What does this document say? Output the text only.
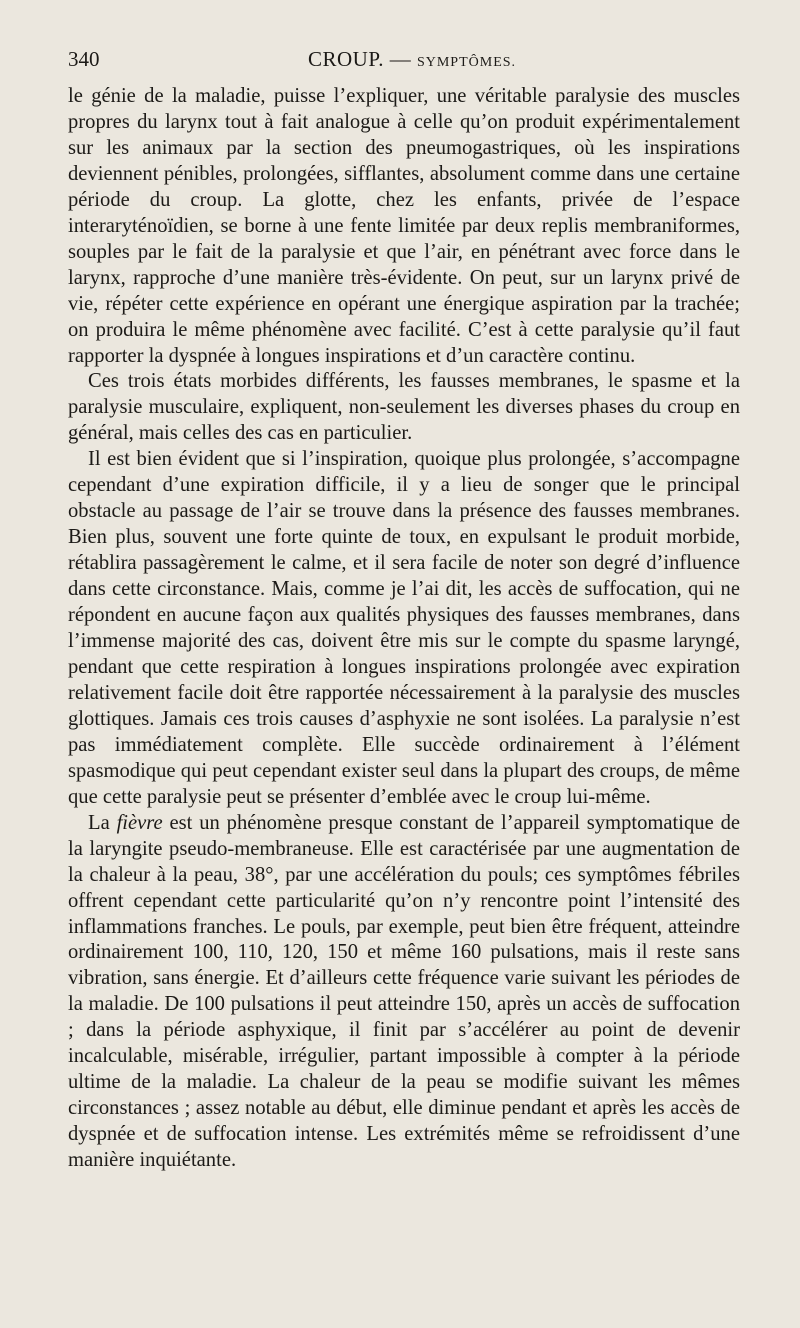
340	CROUP. — SYMPTÔMES.

le génie de la maladie, puisse l’expliquer, une véritable paralysie des muscles propres du larynx tout à fait analogue à celle qu’on produit expérimentalement sur les animaux par la section des pneumogastriques, où les inspirations deviennent pénibles, prolongées, sifflantes, absolument comme dans une certaine période du croup. La glotte, chez les enfants, privée de l’espace interaryténoïdien, se borne à une fente limitée par deux replis membraniformes, souples par le fait de la paralysie et que l’air, en pénétrant avec force dans le larynx, rapproche d’une manière très-évidente. On peut, sur un larynx privé de vie, répéter cette expérience en opérant une énergique aspiration par la trachée; on produira le même phénomène avec facilité. C’est à cette paralysie qu’il faut rapporter la dyspnée à longues inspirations et d’un caractère continu.

Ces trois états morbides différents, les fausses membranes, le spasme et la paralysie musculaire, expliquent, non-seulement les diverses phases du croup en général, mais celles des cas en particulier.

Il est bien évident que si l’inspiration, quoique plus prolongée, s’accompagne cependant d’une expiration difficile, il y a lieu de songer que le principal obstacle au passage de l’air se trouve dans la présence des fausses membranes. Bien plus, souvent une forte quinte de toux, en expulsant le produit morbide, rétablira passagèrement le calme, et il sera facile de noter son degré d’influence dans cette circonstance. Mais, comme je l’ai dit, les accès de suffocation, qui ne répondent en aucune façon aux qualités physiques des fausses membranes, dans l’immense majorité des cas, doivent être mis sur le compte du spasme laryngé, pendant que cette respiration à longues inspirations prolongée avec expiration relativement facile doit être rapportée nécessairement à la paralysie des muscles glottiques. Jamais ces trois causes d’asphyxie ne sont isolées. La paralysie n’est pas immédiatement complète. Elle succède ordinairement à l’élément spasmodique qui peut cependant exister seul dans la plupart des croups, de même que cette paralysie peut se présenter d’emblée avec le croup lui-même.

La fièvre est un phénomène presque constant de l’appareil symptomatique de la laryngite pseudo-membraneuse. Elle est caractérisée par une augmentation de la chaleur à la peau, 38°, par une accélération du pouls; ces symptômes fébriles offrent cependant cette particularité qu’on n’y rencontre point l’intensité des inflammations franches. Le pouls, par exemple, peut bien être fréquent, atteindre ordinairement 100, 110, 120, 150 et même 160 pulsations, mais il reste sans vibration, sans énergie. Et d’ailleurs cette fréquence varie suivant les périodes de la maladie. De 100 pulsations il peut atteindre 150, après un accès de suffocation ; dans la période asphyxique, il finit par s’accélérer au point de devenir incalculable, misérable, irrégulier, partant impossible à compter à la période ultime de la maladie. La chaleur de la peau se modifie suivant les mêmes circonstances ; assez notable au début, elle diminue pendant et après les accès de dyspnée et de suffocation intense. Les extrémités même se refroidissent d’une manière inquiétante.
